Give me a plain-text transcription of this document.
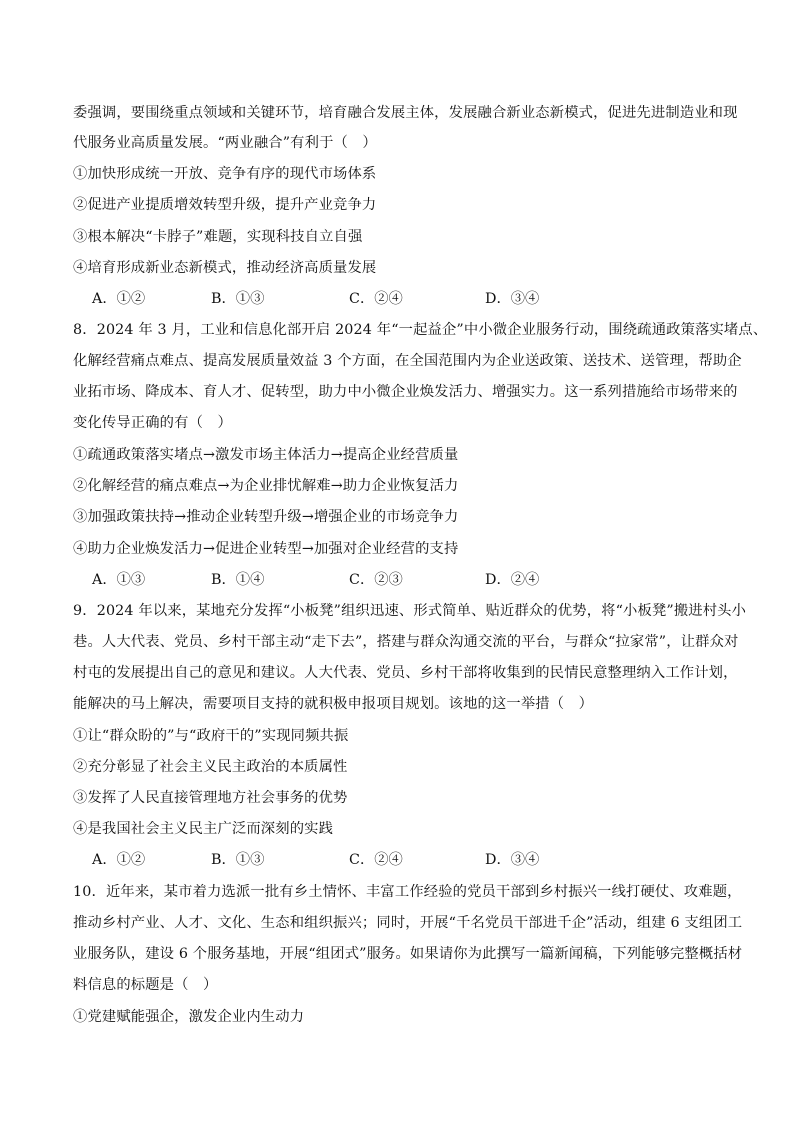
委强调，要围绕重点领域和关键环节，培育融合发展主体，发展融合新业态新模式，促进先进制造业和现
代服务业高质量发展。“两业融合”有利于（　）
①加快形成统一开放、竞争有序的现代市场体系
②促进产业提质增效转型升级，提升产业竞争力
③根本解决“卡脖子”难题，实现科技自立自强
④培育形成新业态新模式，推动经济高质量发展
A．①②	B．①③	C．②④	D．③④
8．2024 年 3 月，工业和信息化部开启 2024 年“一起益企”中小微企业服务行动，围绕疏通政策落实堵点、
化解经营痛点难点、提高发展质量效益 3 个方面，在全国范围内为企业送政策、送技术、送管理，帮助企
业拓市场、降成本、育人才、促转型，助力中小微企业焕发活力、增强实力。这一系列措施给市场带来的
变化传导正确的有（　）
①疏通政策落实堵点→激发市场主体活力→提高企业经营质量
②化解经营的痛点难点→为企业排忧解难→助力企业恢复活力
③加强政策扶持→推动企业转型升级→增强企业的市场竞争力
④助力企业焕发活力→促进企业转型→加强对企业经营的支持
A．①③	B．①④	C．②③	D．②④
9．2024 年以来，某地充分发挥“小板凳”组织迅速、形式简单、贴近群众的优势，将“小板凳”搬进村头小
巷。人大代表、党员、乡村干部主动“走下去”，搭建与群众沟通交流的平台，与群众“拉家常”，让群众对
村屯的发展提出自己的意见和建议。人大代表、党员、乡村干部将收集到的民情民意整理纳入工作计划，
能解决的马上解决，需要项目支持的就积极申报项目规划。该地的这一举措（　）
①让“群众盼的”与“政府干的”实现同频共振
②充分彰显了社会主义民主政治的本质属性
③发挥了人民直接管理地方社会事务的优势
④是我国社会主义民主广泛而深刻的实践
A．①②	B．①③	C．②④	D．③④
10．近年来，某市着力选派一批有乡土情怀、丰富工作经验的党员干部到乡村振兴一线打硬仗、攻难题，
推动乡村产业、人才、文化、生态和组织振兴；同时，开展“千名党员干部进千企”活动，组建 6 支组团工
业服务队，建设 6 个服务基地，开展“组团式”服务。如果请你为此撰写一篇新闻稿，下列能够完整概括材
料信息的标题是（　）
①党建赋能强企，激发企业内生动力
